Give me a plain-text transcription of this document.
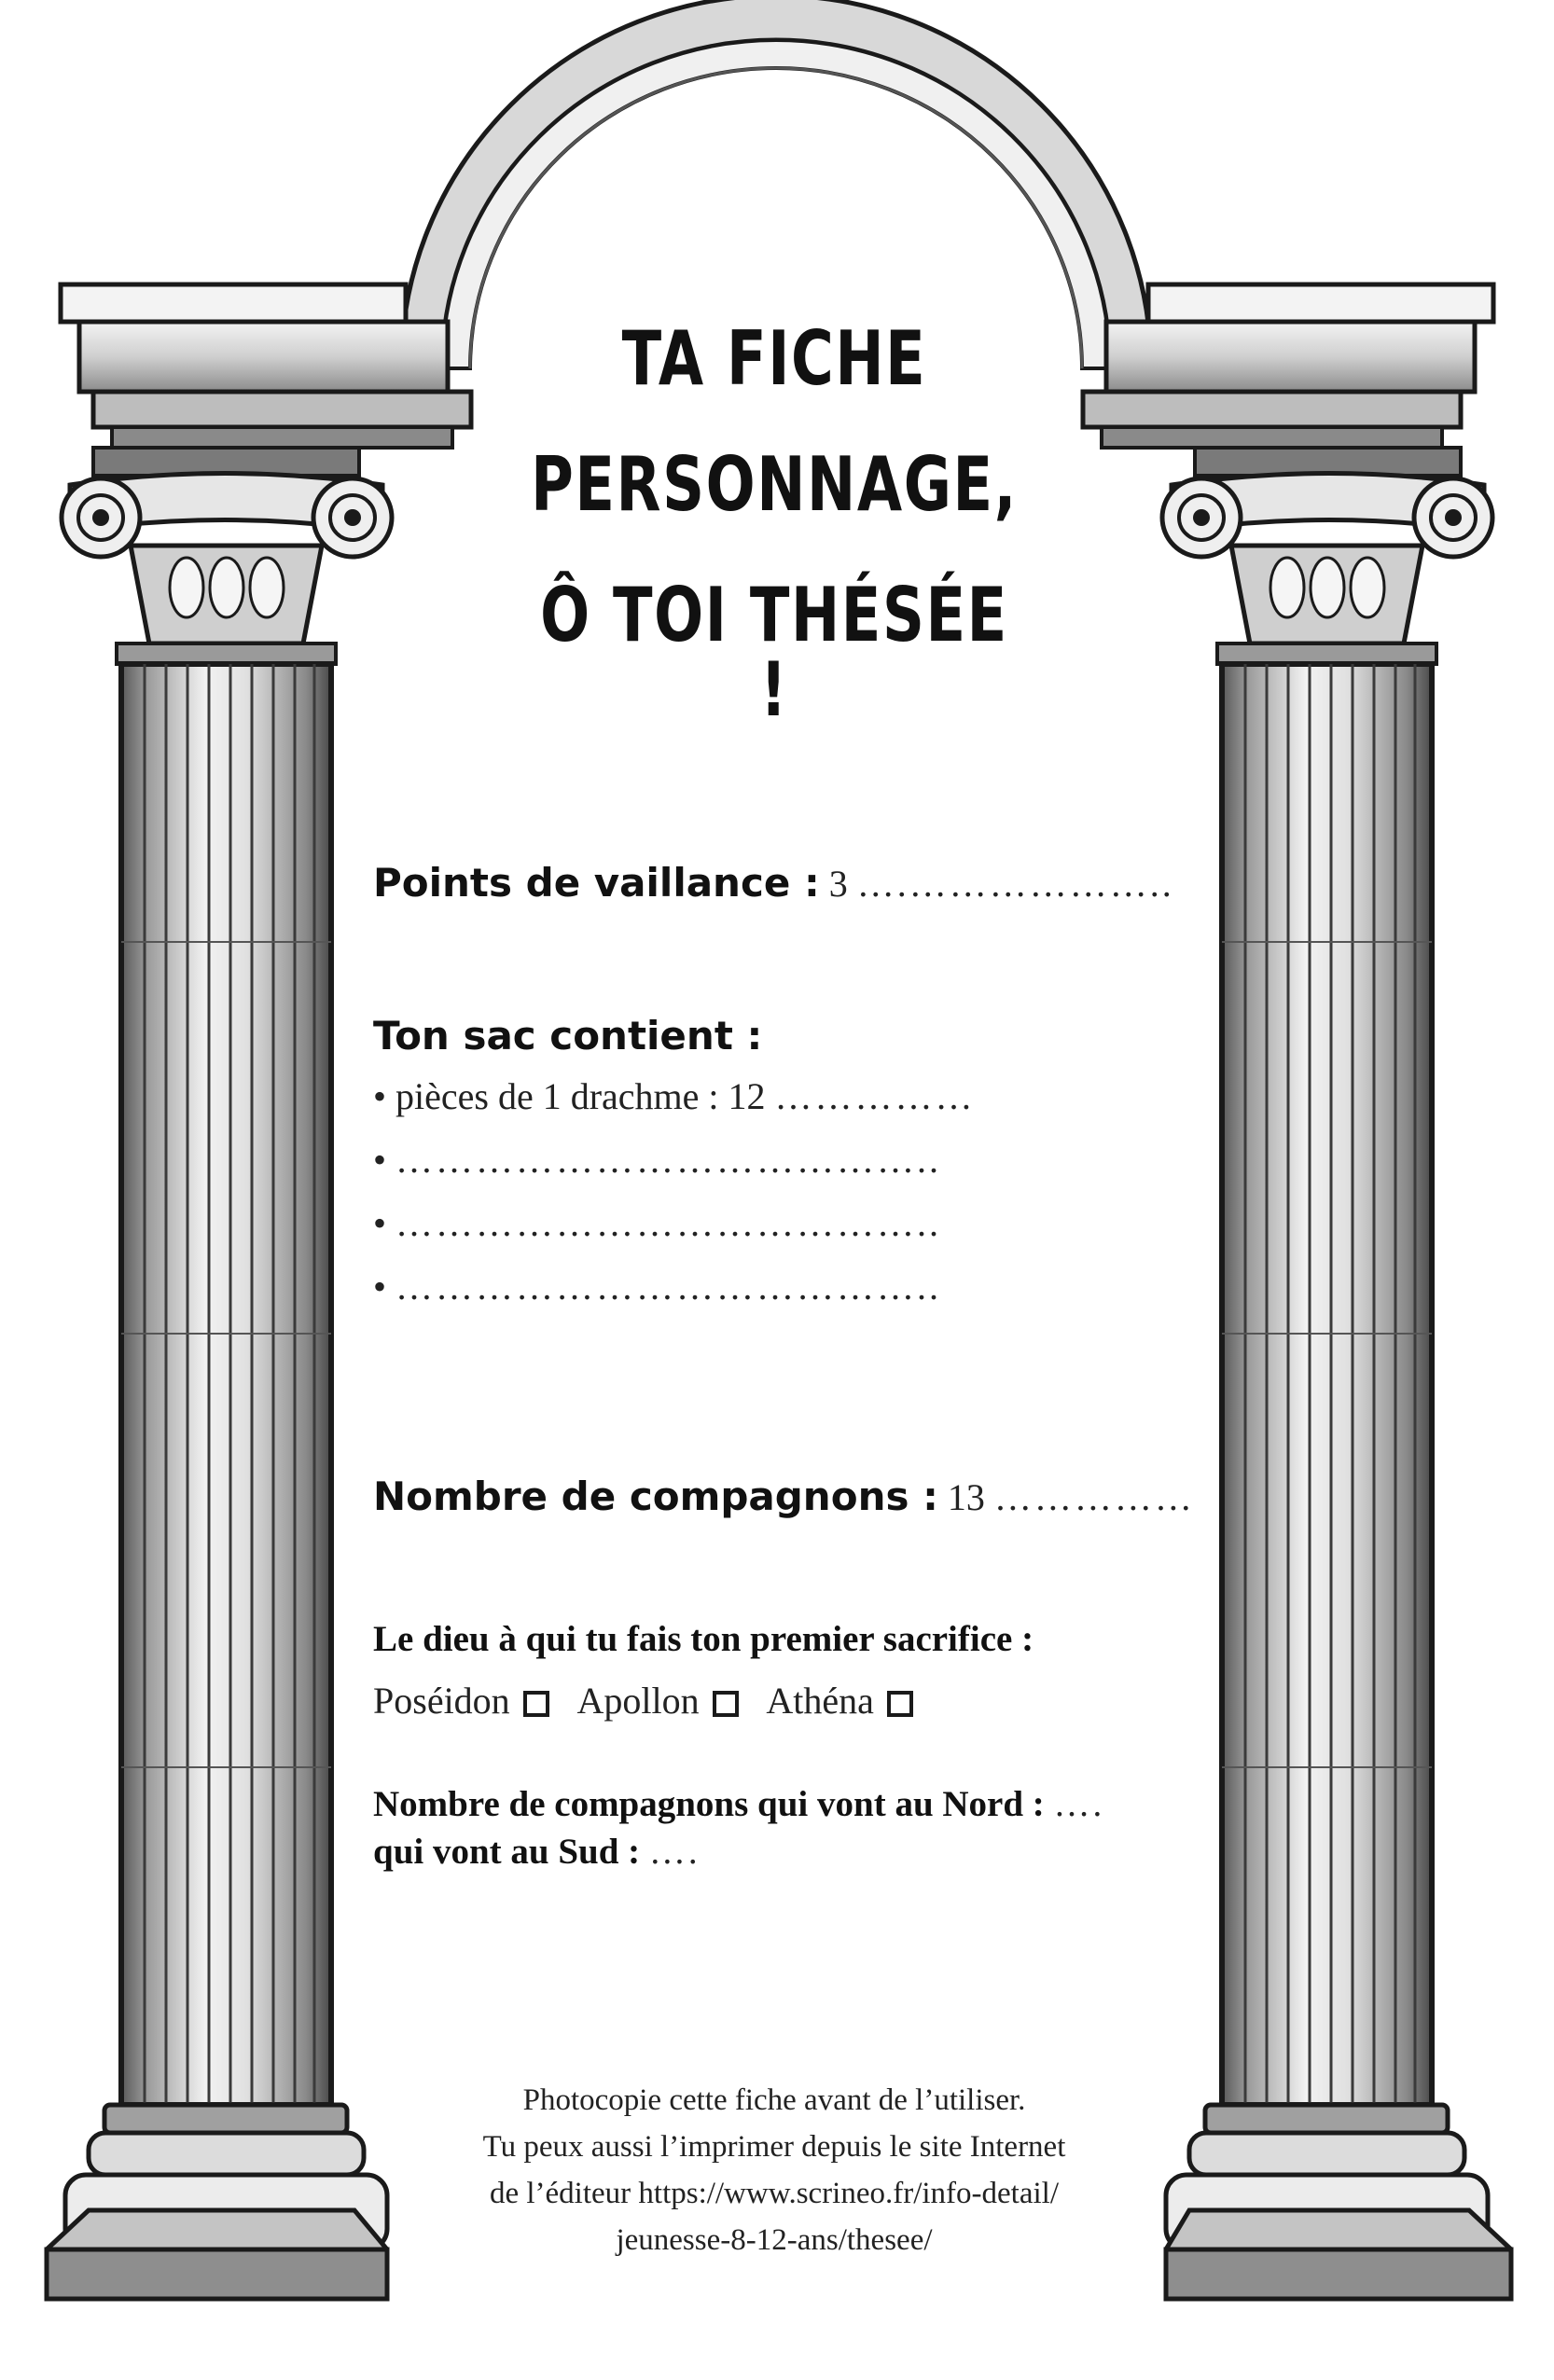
TA FICHE
PERSONNAGE,
Ô TOI THÉSÉE !
Points de vaillance : 3 ….………………..
Ton sac contient :
• pièces de 1 drachme : 12 ……………
• …………………………………..
• …………………………………..
• …………………………………..
Nombre de compagnons : 13 ……………
Le dieu à qui tu fais ton premier sacrifice :
Poséidon Apollon Athéna
Nombre de compagnons qui vont au Nord : ….
qui vont au Sud : ….
Photocopie cette fiche avant de l’utiliser.
Tu peux aussi l’imprimer depuis le site Internet
de l’éditeur https://www.scrineo.fr/info-detail/
jeunesse-8-12-ans/thesee/
